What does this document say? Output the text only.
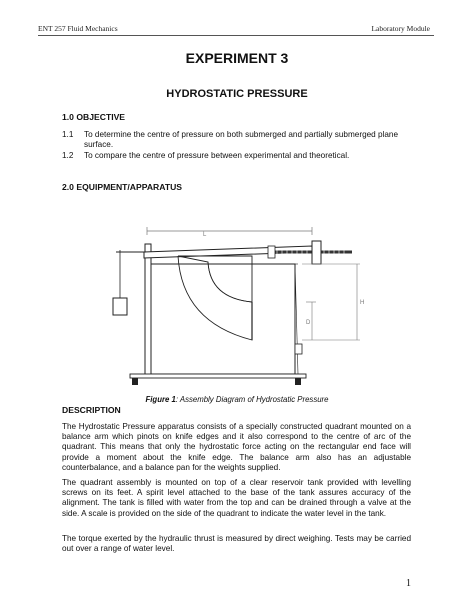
ENT 257 Fluid Mechanics	Laboratory Module
EXPERIMENT 3
HYDROSTATIC PRESSURE
1.0 OBJECTIVE
1.1	To determine the centre of pressure on both submerged and partially submerged plane surface.
1.2	To compare the centre of pressure between experimental and theoretical.
2.0 EQUIPMENT/APPARATUS
L
H
D
Figure 1: Assembly Diagram of Hydrostatic Pressure
DESCRIPTION
The Hydrostatic Pressure apparatus consists of a specially constructed quadrant mounted on a balance arm which pinots on knife edges and it also correspond to the centre of arc of the quadrant. This means that only the hydrostatic force acting on the rectangular end face will provide a moment about the knife edge. The balance arm also has an adjustable counterbalance, and a balance pan for the weights supplied.
The quadrant assembly is mounted on top of a clear reservoir tank provided with levelling screws on its feet. A spirit level attached to the base of the tank assures accuracy of the alignment. The tank is filled with water from the top and can be drained through a valve at the side. A scale is provided on the side of the quadrant to indicate the water level in the tank.
The torque exerted by the hydraulic thrust is measured by direct weighing. Tests may be carried out over a range of water level.
1
